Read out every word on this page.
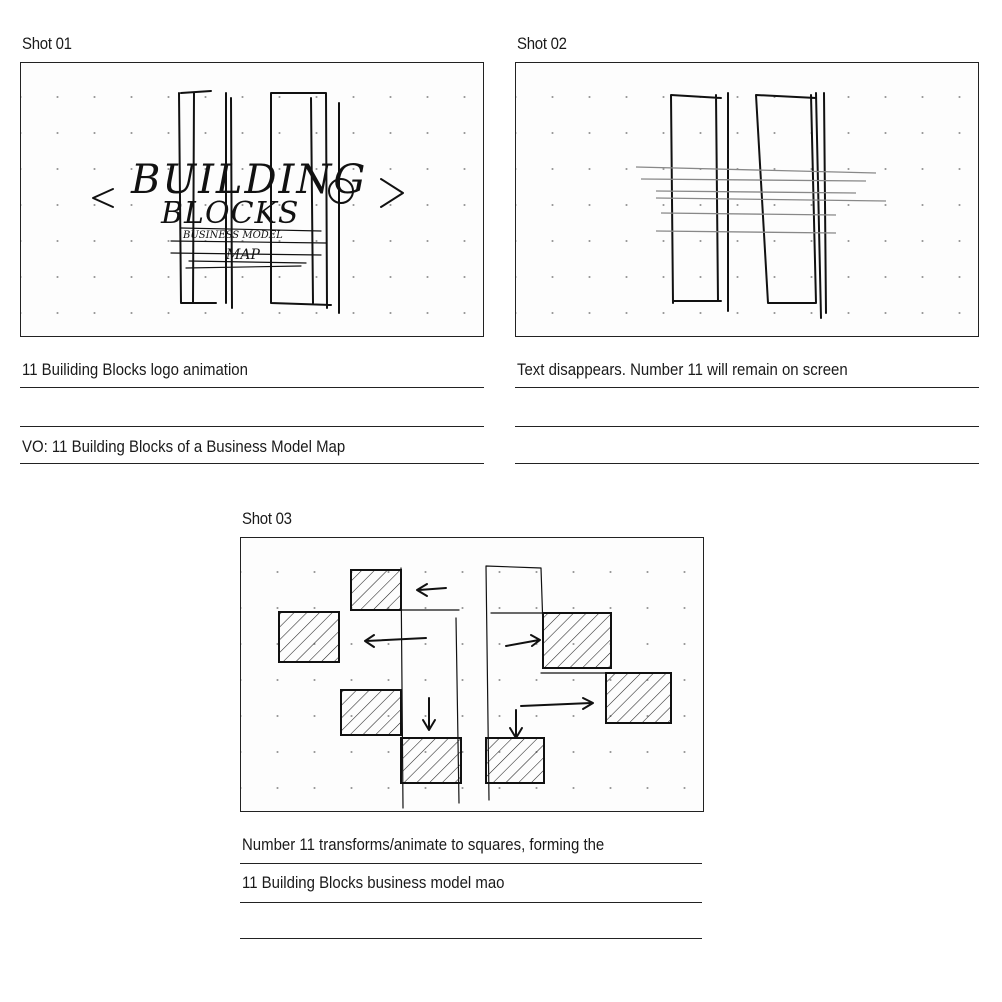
Shot 01
BUILDING
BLOCKS
BUSINESS MODEL
MAP
11 Builiding Blocks logo animation
VO: 11 Building Blocks of a Business Model Map
Shot 02
Text disappears. Number 11 will remain on screen
Shot 03
Number 11 transforms/animate to squares, forming the
11 Building Blocks business model mao
